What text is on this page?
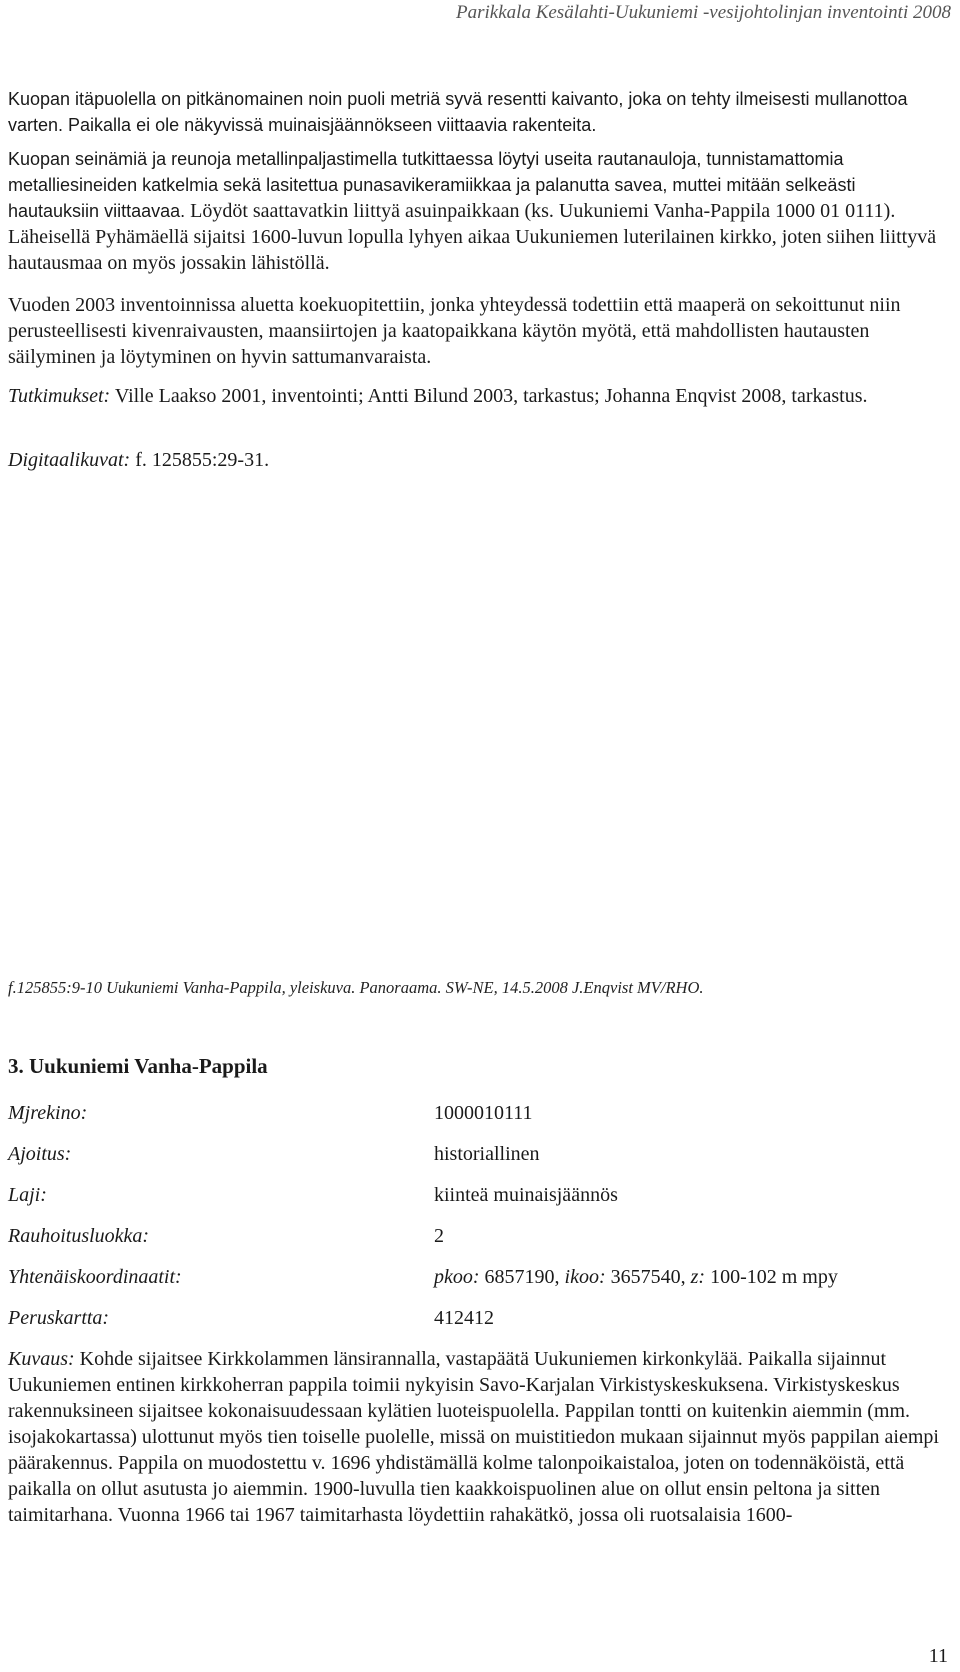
Parikkala Kesälahti-Uukuniemi -vesijohtolinjan inventointi 2008

Kuopan itäpuolella on pitkänomainen noin puoli metriä syvä resentti kaivanto, joka on tehty ilmeisesti mullanottoa varten. Paikalla ei ole näkyvissä muinaisjäännökseen viittaavia rakenteita.

Kuopan seinämiä ja reunoja metallinpaljastimella tutkittaessa löytyi useita rautanauloja, tunnistamattomia metalliesineiden katkelmia sekä lasitettua punasavikeramiikkaa ja palanutta savea, muttei mitään selkeästi hautauksiin viittaavaa. Löydöt saattavatkin liittyä asuinpaikkaan (ks. Uukuniemi Vanha-Pappila 1000 01 0111). Läheisellä Pyhämäellä sijaitsi 1600-luvun lopulla lyhyen aikaa Uukuniemen luterilainen kirkko, joten siihen liittyvä hautausmaa on myös jossakin lähistöllä.

Vuoden 2003 inventoinnissa aluetta koekuopitettiin, jonka yhteydessä todettiin että maaperä on sekoittunut niin perusteellisesti kivenraivausten, maansiirtojen ja kaatopaikkana käytön myötä, että mahdollisten hautausten säilyminen ja löytyminen on hyvin sattumanvaraista.

Tutkimukset: Ville Laakso 2001, inventointi; Antti Bilund 2003, tarkastus; Johanna Enqvist 2008, tarkastus.

Digitaalikuvat: f. 125855:29-31.

f.125855:9-10 Uukuniemi Vanha-Pappila, yleiskuva. Panoraama. SW-NE, 14.5.2008 J.Enqvist MV/RHO.
3. Uukuniemi Vanha-Pappila
Mjrekino:	1000010111
Ajoitus:	historiallinen
Laji:	kiinteä muinaisjäännös
Rauhoitusluokka:	2
Yhtenäiskoordinaatit:	pkoo: 6857190, ikoo: 3657540, z: 100-102 m mpy
Peruskartta:	412412

Kuvaus: Kohde sijaitsee Kirkkolammen länsirannalla, vastapäätä Uukuniemen kirkonkylää. Paikalla sijainnut Uukuniemen entinen kirkkoherran pappila toimii nykyisin Savo-Karjalan Virkistyskeskuksena. Virkistyskeskus rakennuksineen sijaitsee kokonaisuudessaan kylätien luoteispuolella. Pappilan tontti on kuitenkin aiemmin (mm. isojakokartassa) ulottunut myös tien toiselle puolelle, missä on muistitiedon mukaan sijainnut myös pappilan aiempi päärakennus. Pappila on muodostettu v. 1696 yhdistämällä kolme talonpoikaistaloa, joten on todennäköistä, että paikalla on ollut asutusta jo aiemmin. 1900-luvulla tien kaakkoispuolinen alue on ollut ensin peltona ja sitten taimitarhana. Vuonna 1966 tai 1967 taimitarhasta löydettiin rahakätkö, jossa oli ruotsalaisia 1600-

11
